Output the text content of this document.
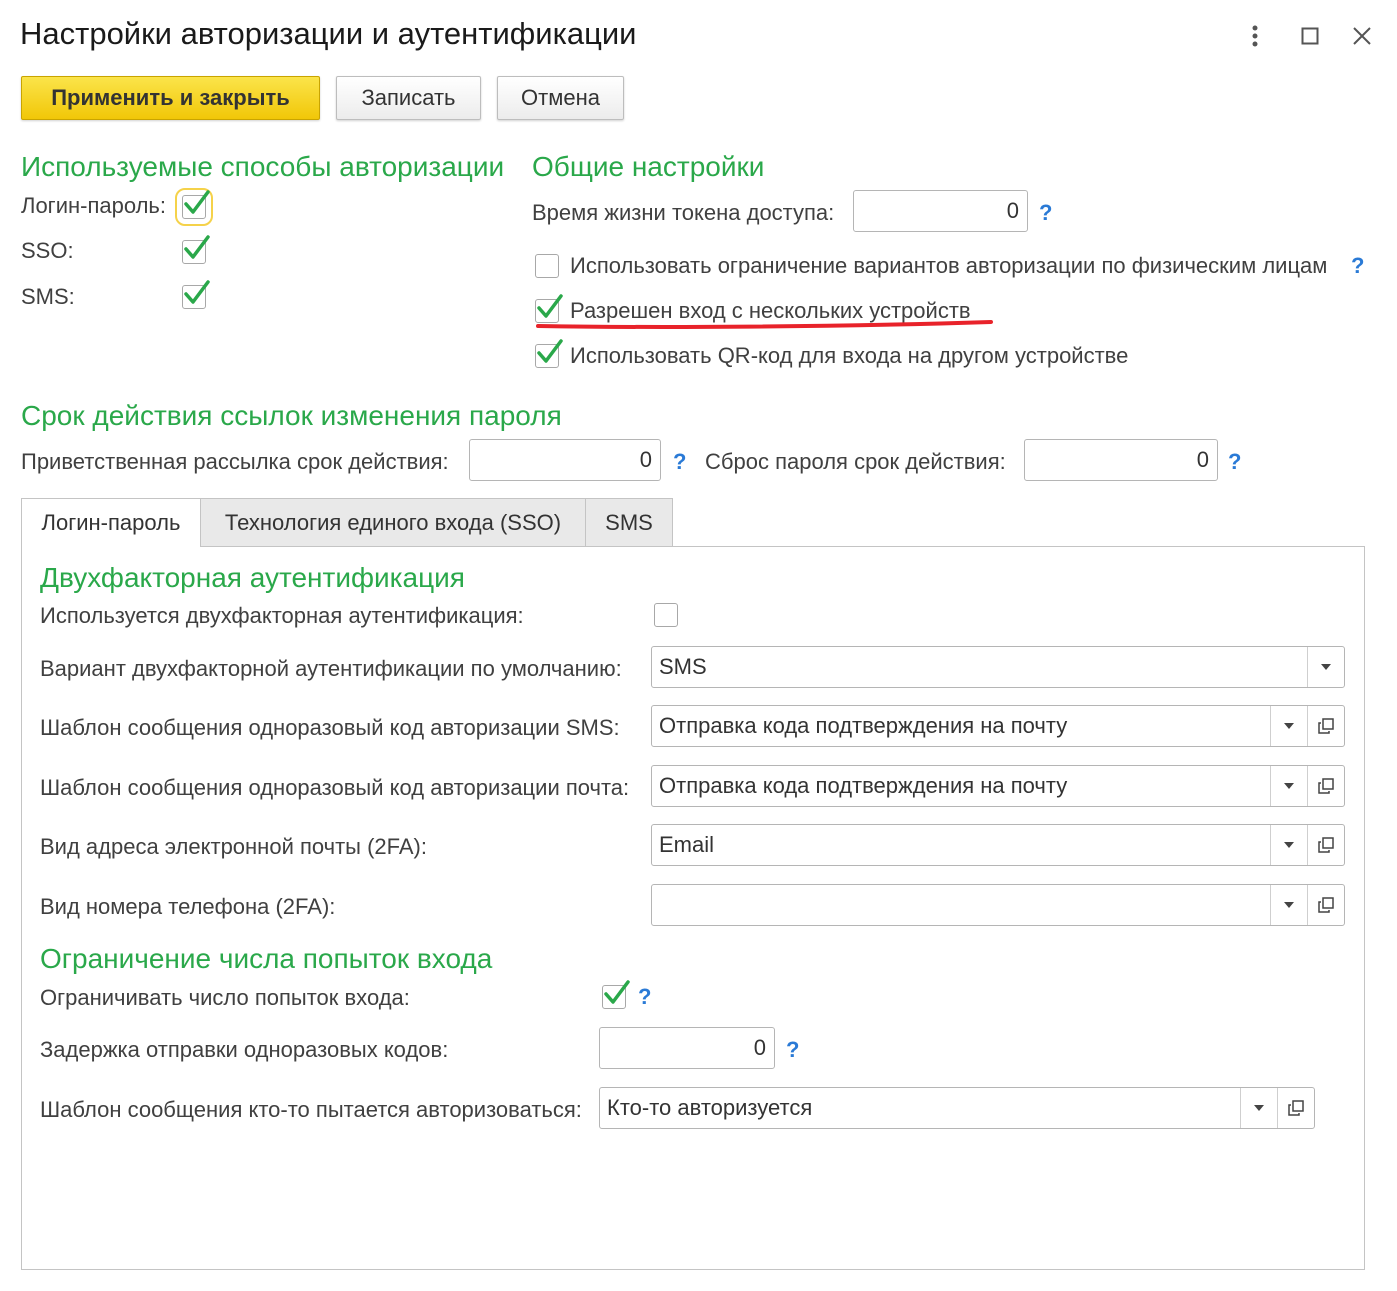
Настройки авторизации и аутентификации
Применить и закрыть	Записать	Отмена
Используемые способы авторизации
Логин-пароль:
SSO:
SMS:
Общие настройки
Время жизни токена доступа:	0 ?
Использовать ограничение вариантов авторизации по физическим лицам ?
Разрешен вход с нескольких устройств
Использовать QR-код для входа на другом устройстве
Срок действия ссылок изменения пароля
Приветственная рассылка срок действия:	0 ? Сброс пароля срок действия:	0 ?
Логин-пароль	Технология единого входа (SSO)	SMS
Двухфакторная аутентификация
Используется двухфакторная аутентификация:
Вариант двухфакторной аутентификации по умолчанию:	SMS
Шаблон сообщения одноразовый код авторизации SMS:	Отправка кода подтверждения на почту
Шаблон сообщения одноразовый код авторизации почта:	Отправка кода подтверждения на почту
Вид адреса электронной почты (2FA):	Email
Вид номера телефона (2FA):
Ограничение числа попыток входа
Ограничивать число попыток входа:	?
Задержка отправки одноразовых кодов:	0 ?
Шаблон сообщения кто-то пытается авторизоваться:	Кто-то авторизуется
